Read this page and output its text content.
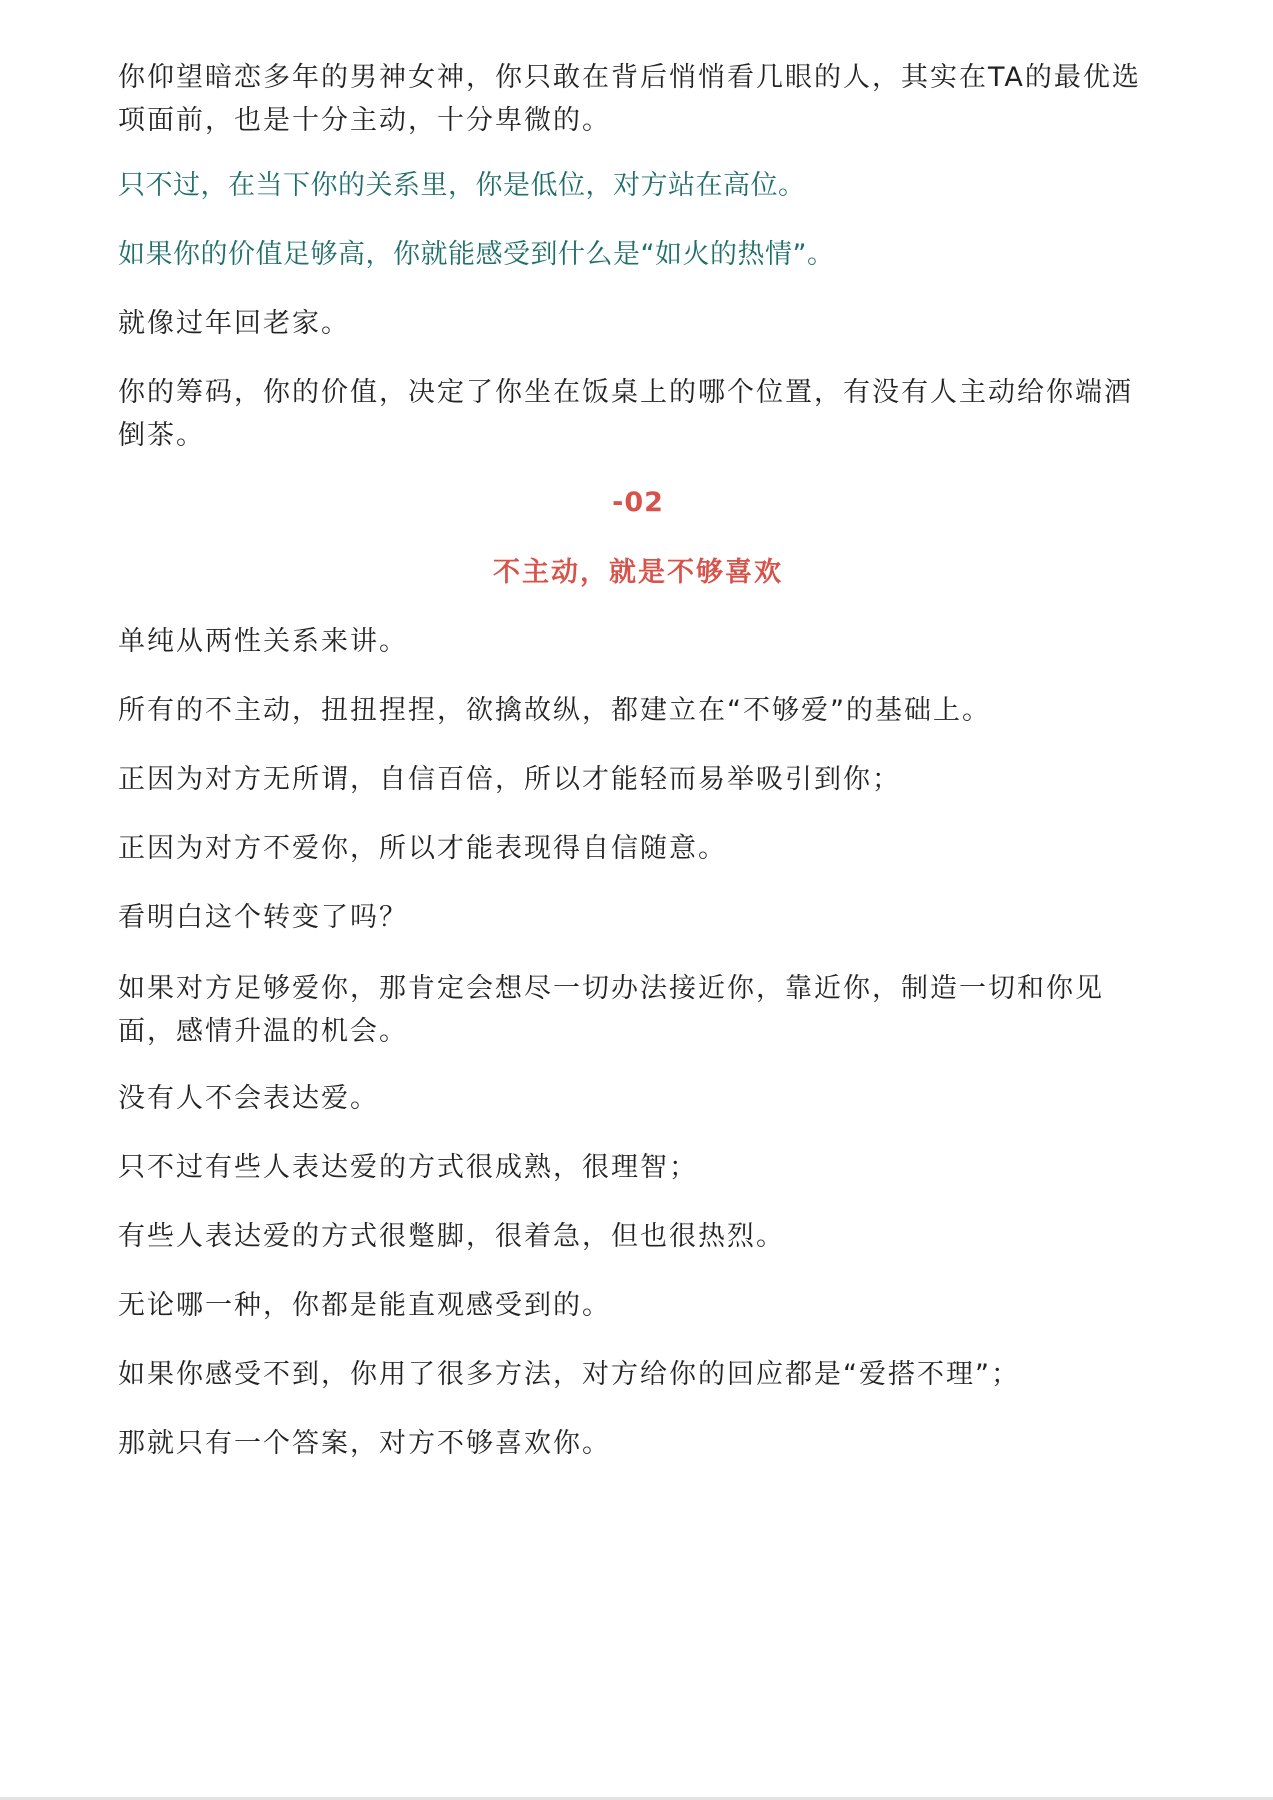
你仰望暗恋多年的男神女神，你只敢在背后悄悄看几眼的人，其实在TA的最优选项面前，也是十分主动，十分卑微的。

只不过，在当下你的关系里，你是低位，对方站在高位。

如果你的价值足够高，你就能感受到什么是“如火的热情”。

就像过年回老家。

你的筹码，你的价值，决定了你坐在饭桌上的哪个位置，有没有人主动给你端酒倒茶。

-02

不主动，就是不够喜欢

单纯从两性关系来讲。

所有的不主动，扭扭捏捏，欲擒故纵，都建立在“不够爱”的基础上。

正因为对方无所谓，自信百倍，所以才能轻而易举吸引到你；

正因为对方不爱你，所以才能表现得自信随意。

看明白这个转变了吗？

如果对方足够爱你，那肯定会想尽一切办法接近你，靠近你，制造一切和你见面，感情升温的机会。

没有人不会表达爱。

只不过有些人表达爱的方式很成熟，很理智；

有些人表达爱的方式很蹩脚，很着急，但也很热烈。

无论哪一种，你都是能直观感受到的。

如果你感受不到，你用了很多方法，对方给你的回应都是“爱搭不理”；

那就只有一个答案，对方不够喜欢你。
